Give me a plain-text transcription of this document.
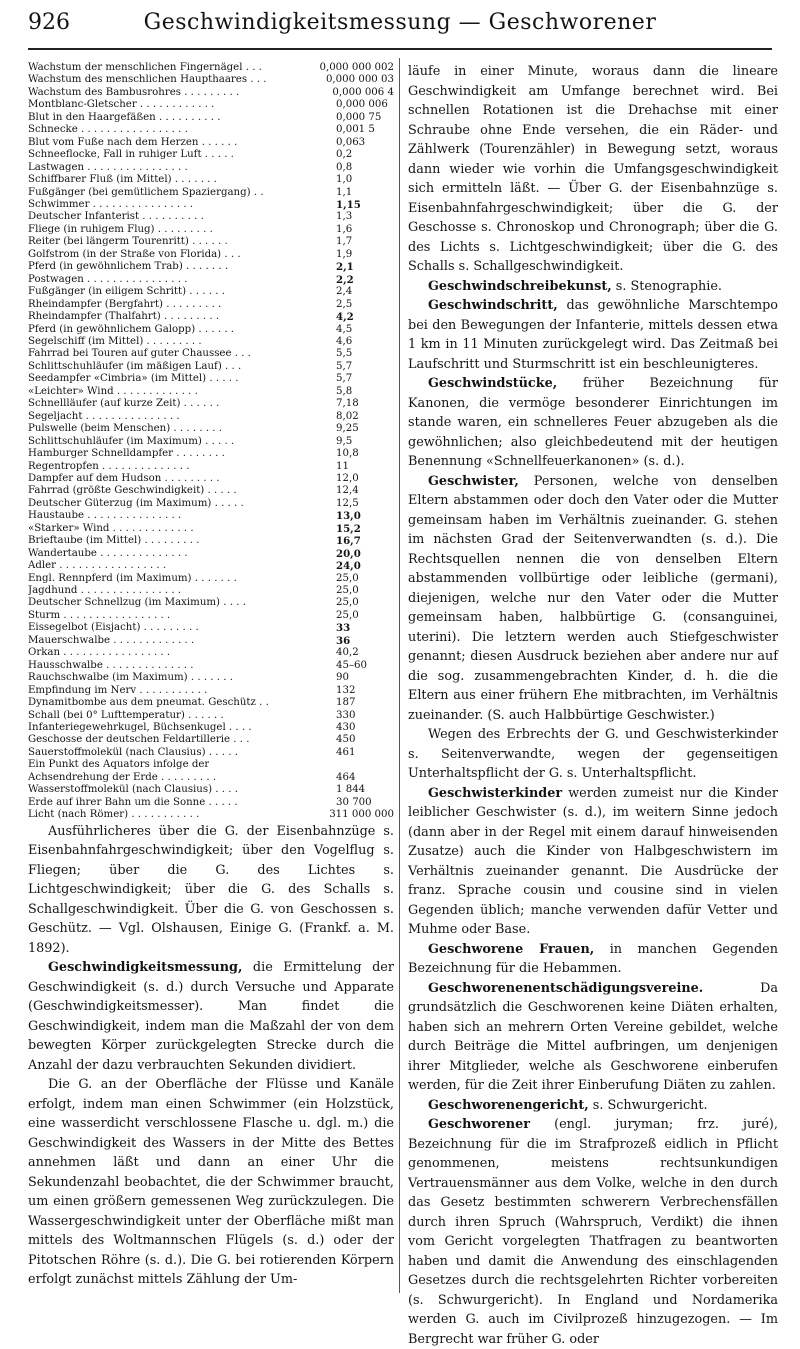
926	Geschwindigkeitsmessung — Geschworener
Wachstum der menschlichen Fingernägel . . .	0,000 000 002
Wachstum des menschlichen Haupthaares . . .	0,000 000 03
Wachstum des Bambusrohres . . . . . . . . .	0,000 006 4
Montblanc-Gletscher . . . . . . . . . . . .	0,000 006
Blut in den Haargefäßen . . . . . . . . . .	0,000 75
Schnecke . . . . . . . . . . . . . . . . .	0,001 5
Blut vom Fuße nach dem Herzen . . . . . .	0,063
Schneeflocke, Fall in ruhiger Luft . . . . .	0,2
Lastwagen . . . . . . . . . . . . . . . .	0,8
Schiffbarer Fluß (im Mittel) . . . . . . .	1,0
Fußgänger (bei gemütlichem Spaziergang) . .	1,1
Schwimmer . . . . . . . . . . . . . . . .	1,15
Deutscher Infanterist . . . . . . . . . .	1,3
Fliege (in ruhigem Flug) . . . . . . . . .	1,6
Reiter (bei längerm Tourenritt) . . . . . .	1,7
Golfstrom (in der Straße von Florida) . . .	1,9
Pferd (in gewöhnlichem Trab) . . . . . . .	2,1
Postwagen . . . . . . . . . . . . . . . .	2,2
Fußgänger (in eiligem Schritt) . . . . . .	2,4
Rheindampfer (Bergfahrt) . . . . . . . . .	2,5
Rheindampfer (Thalfahrt) . . . . . . . . .	4,2
Pferd (in gewöhnlichem Galopp) . . . . . .	4,5
Segelschiff (im Mittel) . . . . . . . . .	4,6
Fahrrad bei Touren auf guter Chaussee . . .	5,5
Schlittschuhläufer (im mäßigen Lauf) . . .	5,7
Seedampfer «Cimbria» (im Mittel) . . . . .	5,7
«Leichter» Wind . . . . . . . . . . . . .	5,8
Schnellläufer (auf kurze Zeit) . . . . . .	7,18
Segeljacht . . . . . . . . . . . . . . .	8,02
Pulswelle (beim Menschen) . . . . . . . .	9,25
Schlittschuhläufer (im Maximum) . . . . .	9,5
Hamburger Schnelldampfer . . . . . . . .	10,8
Regentropfen . . . . . . . . . . . . . .	11
Dampfer auf dem Hudson . . . . . . . . .	12,0
Fahrrad (größte Geschwindigkeit) . . . . .	12,4
Deutscher Güterzug (im Maximum) . . . . .	12,5
Haustaube . . . . . . . . . . . . . . .	13,0
«Starker» Wind . . . . . . . . . . . . .	15,2
Brieftaube (im Mittel) . . . . . . . . .	16,7
Wandertaube . . . . . . . . . . . . . .	20,0
Adler . . . . . . . . . . . . . . . . .	24,0
Engl. Rennpferd (im Maximum) . . . . . . .	25,0
Jagdhund . . . . . . . . . . . . . . . .	25,0
Deutscher Schnellzug (im Maximum) . . . .	25,0
Sturm . . . . . . . . . . . . . . . . .	25,0
Eissegelbot (Eisjacht) . . . . . . . . .	33
Mauerschwalbe . . . . . . . . . . . . .	36
Orkan . . . . . . . . . . . . . . . . .	40,2
Hausschwalbe . . . . . . . . . . . . . .	45–60
Rauchschwalbe (im Maximum) . . . . . . .	90
Empfindung im Nerv . . . . . . . . . . .	132
Dynamitbombe aus dem pneumat. Geschütz . .	187
Schall (bei 0° Lufttemperatur) . . . . . .	330
Infanteriegewehrkugel, Büchsenkugel . . . .	430
Geschosse der deutschen Feldartillerie . . .	450
Sauerstoffmolekül (nach Clausius) . . . . .	461
Ein Punkt des Äquators infolge der
Achsendrehung der Erde . . . . . . . . .	464
Wasserstoffmolekül (nach Clausius) . . . .	1 844
Erde auf ihrer Bahn um die Sonne . . . . .	30 700
Licht (nach Römer) . . . . . . . . . . .	311 000 000

Ausführlicheres über die G. der Eisenbahnzüge s. Eisenbahnfahrgeschwindigkeit; über den Vogelflug s. Fliegen; über die G. des Lichtes s. Lichtgeschwindigkeit; über die G. des Schalls s. Schallgeschwindigkeit. Über die G. von Geschossen s. Geschütz. — Vgl. Olshausen, Einige G. (Frankf. a. M. 1892).

Geschwindigkeitsmessung, die Ermittelung der Geschwindigkeit (s. d.) durch Versuche und Apparate (Geschwindigkeitsmesser). Man findet die Geschwindigkeit, indem man die Maßzahl der von dem bewegten Körper zurückgelegten Strecke durch die Anzahl der dazu verbrauchten Sekunden dividiert.

Die G. an der Oberfläche der Flüsse und Kanäle erfolgt, indem man einen Schwimmer (ein Holzstück, eine wasserdicht verschlossene Flasche u. dgl. m.) die Geschwindigkeit des Wassers in der Mitte des Bettes annehmen läßt und dann an einer Uhr die Sekundenzahl beobachtet, die der Schwimmer braucht, um einen größern gemessenen Weg zurückzulegen. Die Wassergeschwindigkeit unter der Oberfläche mißt man mittels des Woltmannschen Flügels (s. d.) oder der Pitotschen Röhre (s. d.). Die G. bei rotierenden Körpern erfolgt zunächst mittels Zählung der Um-

läufe in einer Minute, woraus dann die lineare Geschwindigkeit am Umfange berechnet wird. Bei schnellen Rotationen ist die Drehachse mit einer Schraube ohne Ende versehen, die ein Räder- und Zählwerk (Tourenzähler) in Bewegung setzt, woraus dann wieder wie vorhin die Umfangsgeschwindigkeit sich ermitteln läßt. — Über G. der Eisenbahnzüge s. Eisenbahnfahrgeschwindigkeit; über die G. der Geschosse s. Chronoskop und Chronograph; über die G. des Lichts s. Lichtgeschwindigkeit; über die G. des Schalls s. Schallgeschwindigkeit.

Geschwindschreibekunst, s. Stenographie.

Geschwindschritt, das gewöhnliche Marschtempo bei den Bewegungen der Infanterie, mittels dessen etwa 1 km in 11 Minuten zurückgelegt wird. Das Zeitmaß bei Laufschritt und Sturmschritt ist ein beschleunigteres.

Geschwindstücke, früher Bezeichnung für Kanonen, die vermöge besonderer Einrichtungen im stande waren, ein schnelleres Feuer abzugeben als die gewöhnlichen; also gleichbedeutend mit der heutigen Benennung «Schnellfeuerkanonen» (s. d.).

Geschwister, Personen, welche von denselben Eltern abstammen oder doch den Vater oder die Mutter gemeinsam haben im Verhältnis zueinander. G. stehen im nächsten Grad der Seitenverwandten (s. d.). Die Rechtsquellen nennen die von denselben Eltern abstammenden vollbürtige oder leibliche (germani), diejenigen, welche nur den Vater oder die Mutter gemeinsam haben, halbbürtige G. (consanguinei, uterini). Die letztern werden auch Stiefgeschwister genannt; diesen Ausdruck beziehen aber andere nur auf die sog. zusammengebrachten Kinder, d. h. die die Eltern aus einer frühern Ehe mitbrachten, im Verhältnis zueinander. (S. auch Halbbürtige Geschwister.)

Wegen des Erbrechts der G. und Geschwisterkinder s. Seitenverwandte, wegen der gegenseitigen Unterhaltspflicht der G. s. Unterhaltspflicht.

Geschwisterkinder werden zumeist nur die Kinder leiblicher Geschwister (s. d.), im weitern Sinne jedoch (dann aber in der Regel mit einem darauf hinweisenden Zusatze) auch die Kinder von Halbgeschwistern im Verhältnis zueinander genannt. Die Ausdrücke der franz. Sprache cousin und cousine sind in vielen Gegenden üblich; manche verwenden dafür Vetter und Muhme oder Base.

Geschworene Frauen, in manchen Gegenden Bezeichnung für die Hebammen.

Geschworenenentschädigungsvereine. Da grundsätzlich die Geschworenen keine Diäten erhalten, haben sich an mehrern Orten Vereine gebildet, welche durch Beiträge die Mittel aufbringen, um denjenigen ihrer Mitglieder, welche als Geschworene einberufen werden, für die Zeit ihrer Einberufung Diäten zu zahlen.

Geschworenengericht, s. Schwurgericht.

Geschworener (engl. juryman; frz. juré), Bezeichnung für die im Strafprozeß eidlich in Pflicht genommenen, meistens rechtsunkundigen Vertrauensmänner aus dem Volke, welche in den durch das Gesetz bestimmten schwerern Verbrechensfällen durch ihren Spruch (Wahrspruch, Verdikt) die ihnen vom Gericht vorgelegten Thatfragen zu beantworten haben und damit die Anwendung des einschlagenden Gesetzes durch die rechtsgelehrten Richter vorbereiten (s. Schwurgericht). In England und Nordamerika werden G. auch im Civilprozeß hinzugezogen. — Im Bergrecht war früher G. oder
